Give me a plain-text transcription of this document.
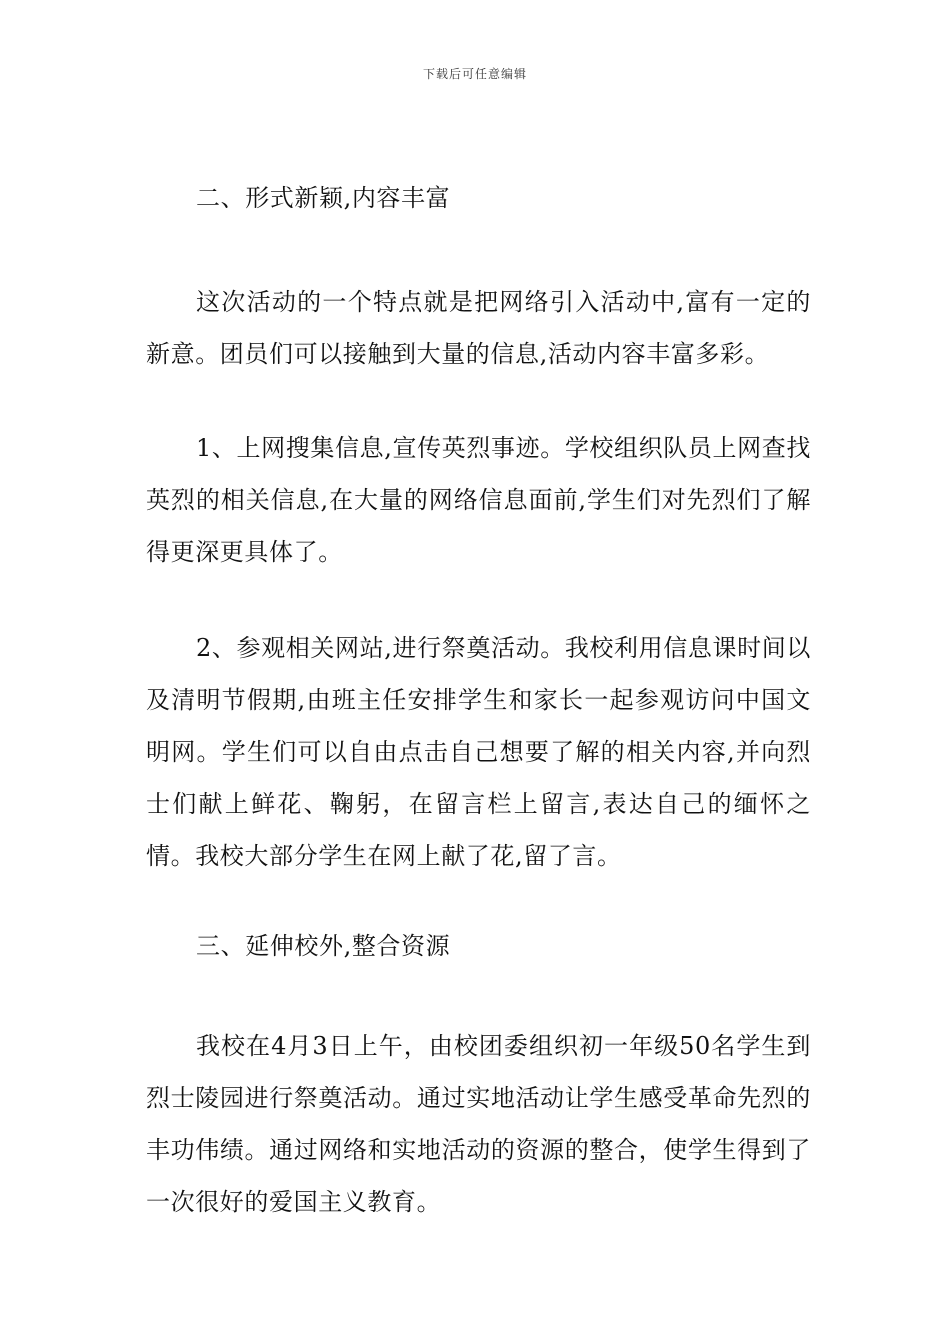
下载后可任意编辑

二、形式新颖,内容丰富

这次活动的一个特点就是把网络引入活动中,富有一定的新意。团员们可以接触到大量的信息,活动内容丰富多彩。

1、上网搜集信息,宣传英烈事迹。学校组织队员上网查找英烈的相关信息,在大量的网络信息面前,学生们对先烈们了解得更深更具体了。

2、参观相关网站,进行祭奠活动。我校利用信息课时间以及清明节假期,由班主任安排学生和家长一起参观访问中国文明网。学生们可以自由点击自己想要了解的相关内容,并向烈士们献上鲜花、鞠躬，在留言栏上留言,表达自己的缅怀之情。我校大部分学生在网上献了花,留了言。

三、延伸校外,整合资源

我校在4月3日上午，由校团委组织初一年级50名学生到烈士陵园进行祭奠活动。通过实地活动让学生感受革命先烈的丰功伟绩。通过网络和实地活动的资源的整合，使学生得到了一次很好的爱国主义教育。
